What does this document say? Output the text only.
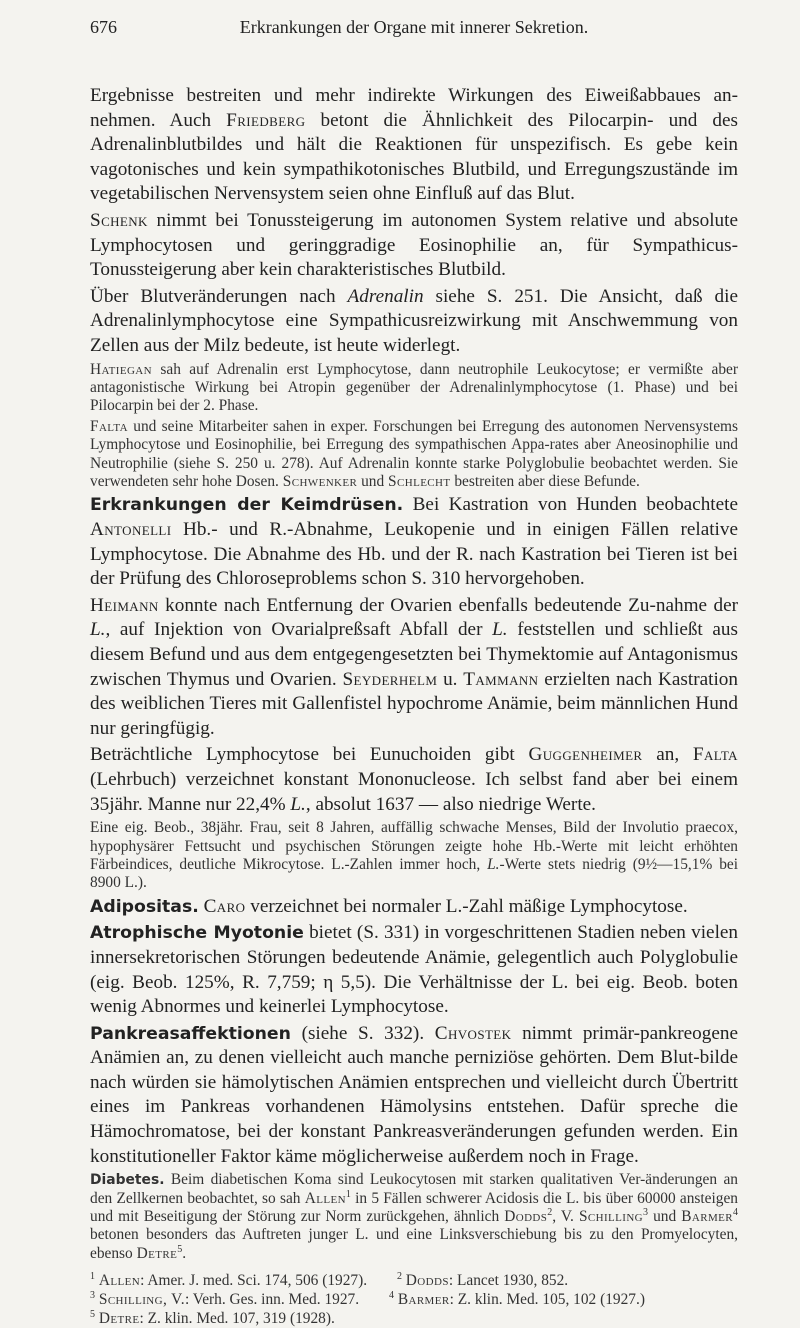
676	Erkrankungen der Organe mit innerer Sekretion.

Ergebnisse bestreiten und mehr indirekte Wirkungen des Eiweißabbaues an-nehmen. Auch Friedberg betont die Ähnlichkeit des Pilocarpin- und des Adrenalinblutbildes und hält die Reaktionen für unspezifisch. Es gebe kein vagotonisches und kein sympathikotonisches Blutbild, und Erregungszustände im vegetabilischen Nervensystem seien ohne Einfluß auf das Blut.

Schenk nimmt bei Tonussteigerung im autonomen System relative und absolute Lymphocytosen und geringgradige Eosinophilie an, für Sympathicus-Tonussteigerung aber kein charakteristisches Blutbild.

Über Blutveränderungen nach Adrenalin siehe S. 251. Die Ansicht, daß die Adrenalinlymphocytose eine Sympathicusreizwirkung mit Anschwemmung von Zellen aus der Milz bedeute, ist heute widerlegt.

Hatiegan sah auf Adrenalin erst Lymphocytose, dann neutrophile Leukocytose; er vermißte aber antagonistische Wirkung bei Atropin gegenüber der Adrenalinlymphocytose (1. Phase) und bei Pilocarpin bei der 2. Phase.

Falta und seine Mitarbeiter sahen in exper. Forschungen bei Erregung des autonomen Nervensystems Lymphocytose und Eosinophilie, bei Erregung des sympathischen Appa-rates aber Aneosinophilie und Neutrophilie (siehe S. 250 u. 278). Auf Adrenalin konnte starke Polyglobulie beobachtet werden. Sie verwendeten sehr hohe Dosen. Schwenker und Schlecht bestreiten aber diese Befunde.

Erkrankungen der Keimdrüsen. Bei Kastration von Hunden beobachtete Antonelli Hb.- und R.-Abnahme, Leukopenie und in einigen Fällen relative Lymphocytose. Die Abnahme des Hb. und der R. nach Kastration bei Tieren ist bei der Prüfung des Chloroseproblems schon S. 310 hervorgehoben.

Heimann konnte nach Entfernung der Ovarien ebenfalls bedeutende Zu-nahme der L., auf Injektion von Ovarialpreßsaft Abfall der L. feststellen und schließt aus diesem Befund und aus dem entgegengesetzten bei Thymektomie auf Antagonismus zwischen Thymus und Ovarien. Seyderhelm u. Tammann erzielten nach Kastration des weiblichen Tieres mit Gallenfistel hypochrome Anämie, beim männlichen Hund nur geringfügig.

Beträchtliche Lymphocytose bei Eunuchoiden gibt Guggenheimer an, Falta (Lehrbuch) verzeichnet konstant Mononucleose. Ich selbst fand aber bei einem 35jähr. Manne nur 22,4% L., absolut 1637 — also niedrige Werte.

Eine eig. Beob., 38jähr. Frau, seit 8 Jahren, auffällig schwache Menses, Bild der Involutio praecox, hypophysärer Fettsucht und psychischen Störungen zeigte hohe Hb.-Werte mit leicht erhöhten Färbeindices, deutliche Mikrocytose. L.-Zahlen immer hoch, L.-Werte stets niedrig (9½—15,1% bei 8900 L.).

Adipositas. Caro verzeichnet bei normaler L.-Zahl mäßige Lymphocytose.

Atrophische Myotonie bietet (S. 331) in vorgeschrittenen Stadien neben vielen innersekretorischen Störungen bedeutende Anämie, gelegentlich auch Polyglobulie (eig. Beob. 125%, R. 7,759; η 5,5). Die Verhältnisse der L. bei eig. Beob. boten wenig Abnormes und keinerlei Lymphocytose.

Pankreasaffektionen (siehe S. 332). Chvostek nimmt primär-pankreogene Anämien an, zu denen vielleicht auch manche perniziöse gehörten. Dem Blut-bilde nach würden sie hämolytischen Anämien entsprechen und vielleicht durch Übertritt eines im Pankreas vorhandenen Hämolysins entstehen. Dafür spreche die Hämochromatose, bei der konstant Pankreasveränderungen gefunden werden. Ein konstitutioneller Faktor käme möglicherweise außerdem noch in Frage.

Diabetes. Beim diabetischen Koma sind Leukocytosen mit starken qualitativen Ver-änderungen an den Zellkernen beobachtet, so sah Allen$^1$ in 5 Fällen schwerer Acidosis die L. bis über 60000 ansteigen und mit Beseitigung der Störung zur Norm zurückgehen, ähnlich Dodds$^2$, V. Schilling$^3$ und Barmer$^4$ betonen besonders das Auftreten junger L. und eine Linksverschiebung bis zu den Promyelocyten, ebenso Detre$^5$.

$^1$ Allen: Amer. J. med. Sci. 174, 506 (1927).	$^2$ Dodds: Lancet 1930, 852.
$^3$ Schilling, V.: Verh. Ges. inn. Med. 1927.	$^4$ Barmer: Z. klin. Med. 105, 102 (1927.)
$^5$ Detre: Z. klin. Med. 107, 319 (1928).
